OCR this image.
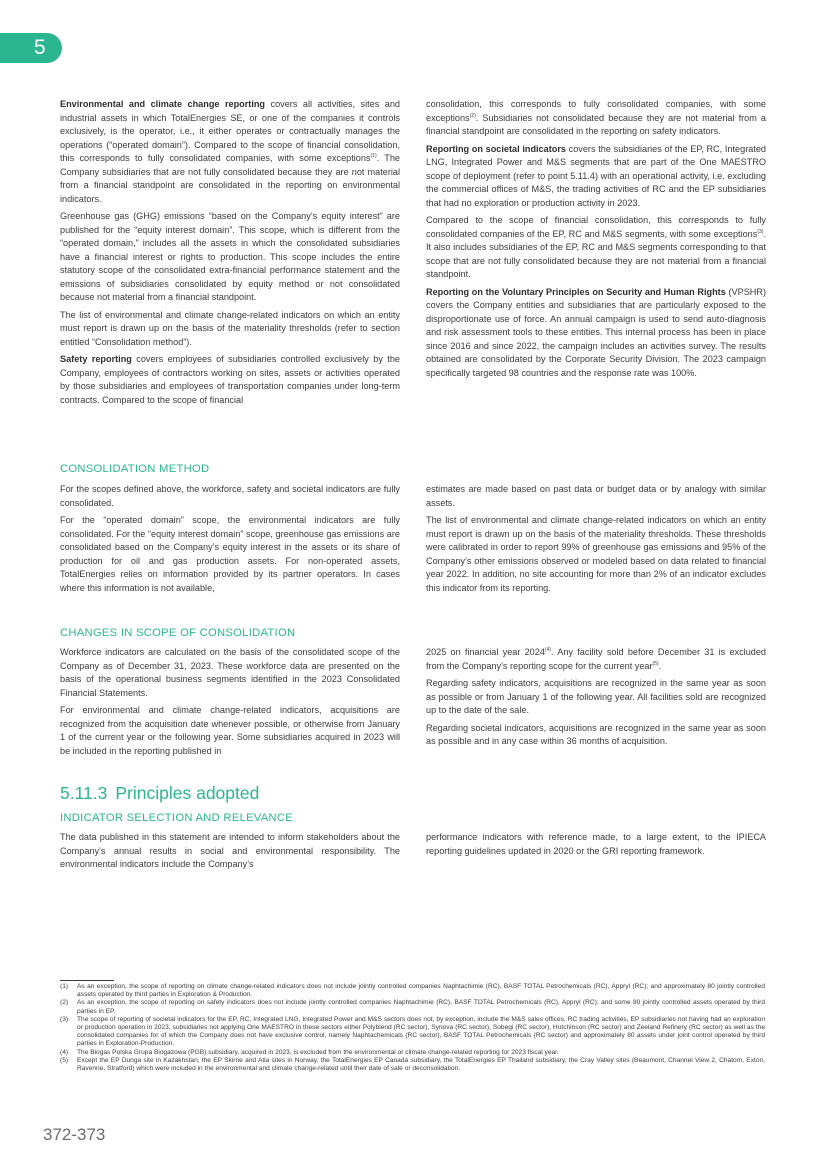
5

Environmental and climate change reporting covers all activities, sites and industrial assets in which TotalEnergies SE, or one of the companies it controls exclusively, is the operator, i.e., it either operates or contractually manages the operations (“operated domain”). Compared to the scope of financial consolidation, this corresponds to fully consolidated companies, with some exceptions$^{(1)}$. The Company subsidiaries that are not fully consolidated because they are not material from a financial standpoint are consolidated in the reporting on environmental indicators.

Greenhouse gas (GHG) emissions “based on the Company’s equity interest” are published for the “equity interest domain”. This scope, which is different from the “operated domain,” includes all the assets in which the consolidated subsidiaries have a financial interest or rights to production. This scope includes the entire statutory scope of the consolidated extra-financial performance statement and the emissions of subsidiaries consolidated by equity method or not consolidated because not material from a financial standpoint.

The list of environmental and climate change-related indicators on which an entity must report is drawn up on the basis of the materiality thresholds (refer to section entitled “Consolidation method”).

Safety reporting covers employees of subsidiaries controlled exclusively by the Company, employees of contractors working on sites, assets or activities operated by those subsidiaries and employees of transportation companies under long-term contracts. Compared to the scope of financial

consolidation, this corresponds to fully consolidated companies, with some exceptions$^{(2)}$. Subsidiaries not consolidated because they are not material from a financial standpoint are consolidated in the reporting on safety indicators.

Reporting on societal indicators covers the subsidiaries of the EP, RC, Integrated LNG, Integrated Power and M&S segments that are part of the One MAESTRO scope of deployment (refer to point 5.11.4) with an operational activity, i.e. excluding the commercial offices of M&S, the trading activities of RC and the EP subsidiaries that had no exploration or production activity in 2023.

Compared to the scope of financial consolidation, this corresponds to fully consolidated companies of the EP, RC and M&S segments, with some exceptions$^{(3)}$. It also includes subsidiaries of the EP, RC and M&S segments corresponding to that scope that are not fully consolidated because they are not material from a financial standpoint.

Reporting on the Voluntary Principles on Security and Human Rights (VPSHR) covers the Company entities and subsidiaries that are particularly exposed to the disproportionate use of force. An annual campaign is used to send auto-diagnosis and risk assessment tools to these entities. This internal process has been in place since 2016 and since 2022, the campaign includes an activities survey. The results obtained are consolidated by the Corporate Security Division. The 2023 campaign specifically targeted 98 countries and the response rate was 100%.

CONSOLIDATION METHOD

For the scopes defined above, the workforce, safety and societal indicators are fully consolidated.

For the “operated domain” scope, the environmental indicators are fully consolidated. For the “equity interest domain” scope, greenhouse gas emissions are consolidated based on the Company’s equity interest in the assets or its share of production for oil and gas production assets. For non-operated assets, TotalEnergies relies on information provided by its partner operators. In cases where this information is not available,

estimates are made based on past data or budget data or by analogy with similar assets.

The list of environmental and climate change-related indicators on which an entity must report is drawn up on the basis of the materiality thresholds. These thresholds were calibrated in order to report 99% of greenhouse gas emissions and 95% of the Company’s other emissions observed or modeled based on data related to financial year 2022. In addition, no site accounting for more than 2% of an indicator excludes this indicator from its reporting.

CHANGES IN SCOPE OF CONSOLIDATION

Workforce indicators are calculated on the basis of the consolidated scope of the Company as of December 31, 2023. These workforce data are presented on the basis of the operational business segments identified in the 2023 Consolidated Financial Statements.

For environmental and climate change-related indicators, acquisitions are recognized from the acquisition date whenever possible, or otherwise from January 1 of the current year or the following year. Some subsidiaries acquired in 2023 will be included in the reporting published in

2025 on financial year 2024$^{(4)}$. Any facility sold before December 31 is excluded from the Company’s reporting scope for the current year$^{(5)}$.

Regarding safety indicators, acquisitions are recognized in the same year as soon as possible or from January 1 of the following year. All facilities sold are recognized up to the date of the sale.

Regarding societal indicators, acquisitions are recognized in the same year as soon as possible and in any case within 36 months of acquisition.

5.11.3 Principles adopted
INDICATOR SELECTION AND RELEVANCE

The data published in this statement are intended to inform stakeholders about the Company’s annual results in social and environmental responsibility. The environmental indicators include the Company’s

performance indicators with reference made, to a large extent, to the IPIECA reporting guidelines updated in 2020 or the GRI reporting framework.

(1)	As an exception, the scope of reporting on climate change-related indicators does not include jointly controlled companies Naphtachimie (RC), BASF TOTAL Petrochemicals (RC), Appryl (RC); and approximately 80 jointly controlled assets operated by third parties in Exploration & Production.
(2)	As an exception, the scope of reporting on safety indicators does not include jointly controlled companies Naphtachimie (RC), BASF TOTAL Petrochemicals (RC), Appryl (RC); and some 80 jointly controlled assets operated by third parties in EP.
(3)	The scope of reporting of societal indicators for the EP, RC, Integrated LNG, Integrated Power and M&S sectors does not, by exception, include the M&S sales offices, RC trading activities, EP subsidiaries not having had an exploration or production operation in 2023, subsidiaries not applying One MAESTRO in these sectors either Polyblend (RC sector), Synova (RC sector), Sobegi (RC sector), Hutchinson (RC sector) and Zeeland Refinery (RC sector) as well as the consolidated companies for of which the Company does not have exclusive control, namely Naphtachemicals (RC sector), BASF TOTAL Petrochemicals (RC sector) and approximately 80 assets under joint control operated by third parties in Exploration-Production.
(4)	The Biogas Polska Grupa Biogazowa (PGB) subsidiary, acquired in 2023, is excluded from the environmental or climate change-related reporting for 2023 fiscal year.
(5)	Except the EP Dunga site in Kazakhstan, the EP Skirne and Atla sites in Norway, the TotalEnergies EP Canada subsidiary, the TotalEnergies EP Thailand subsidiary, the Cray Valley sites (Beaumont, Channel View 2, Chatom, Exton, Ravenne, Stratford) which were included in the environmental and climate change-related until their date of sale or deconsolidation.
372-373
